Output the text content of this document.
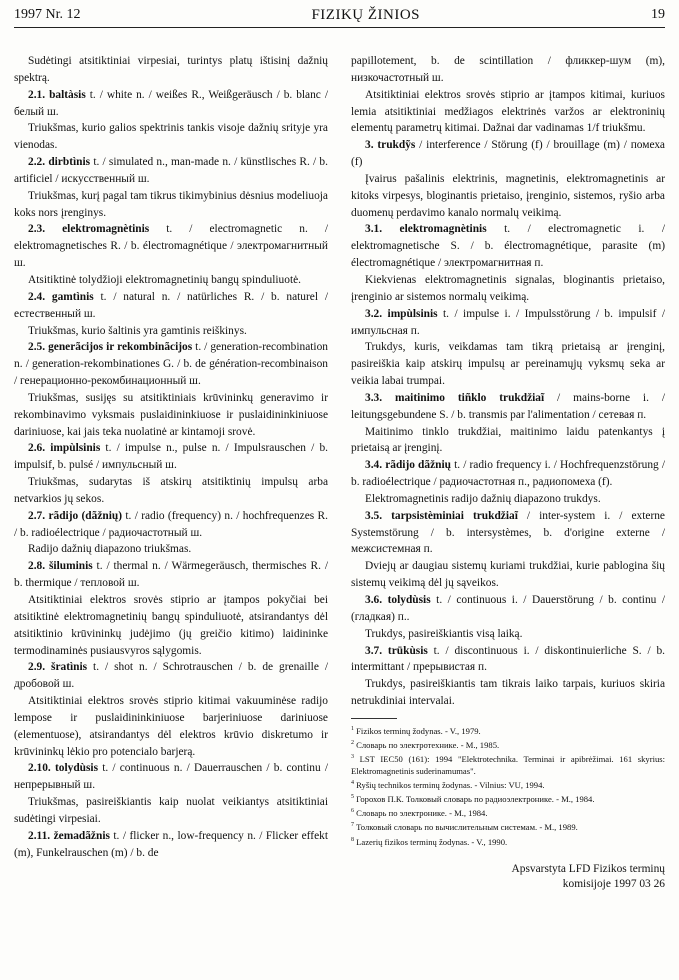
1997 Nr. 12	FIZIKŲ ŽINIOS	19

Sudėtingi atsitiktiniai virpesiai, turintys platų ištisinį dažnių spektrą.

2.1. baltàsis t. / white n. / weißes R., Weißgeräusch / b. blanc / белый ш.

Triukšmas, kurio galios spektrinis tankis visoje dažnių srityje yra vienodas.

2.2. dirbtìnis t. / simulated n., man-made n. / künstlisches R. / b. artificiel / искусственный ш.

Triukšmas, kurį pagal tam tikrus tikimybinius dėsnius modeliuoja koks nors įrenginys.

2.3. elektromagnètinis t. / electromagnetic n. / elektromagnetisches R. / b. électromagnétique / электромагнитный ш.

Atsitiktinė tolydžioji elektromagnetinių bangų spinduliuotė.

2.4. gamtìnis t. / natural n. / natürliches R. / b. naturel / естественный ш.

Triukšmas, kurio šaltinis yra gamtinis reiškinys.

2.5. generãcijos ir rekombinãcijos t. / generation-recombination n. / generation-rekombinationes G. / b. de génération-recombinaison / генерационно-рекомбинационный ш.

Triukšmas, susijęs su atsitiktiniais krūvininkų generavimo ir rekombinavimo vyksmais puslaidininkiuose ir puslaidininkiniuose dariniuose, kai jais teka nuolatinė ar kintamoji srovė.

2.6. impùlsinis t. / impulse n., pulse n. / Impulsrauschen / b. impulsif, b. pulsé / импульсный ш.

Triukšmas, sudarytas iš atskirų atsitiktinių impulsų arba netvarkios jų sekos.

2.7. rãdijo (dãžnių) t. / radio (frequency) n. / hochfrequenzes R. / b. radioélectrique / радиочастотный ш.

Radijo dažnių diapazono triukšmas.

2.8. šiluminis t. / thermal n. / Wärmegeräusch, thermisches R. / b. thermique / тепловой ш.

Atsitiktiniai elektros srovės stiprio ar įtampos pokyčiai bei atsitiktinė elektromagnetinių bangų spinduliuotė, atsirandantys dėl atsitiktinio krūvininkų judėjimo (jų greičio kitimo) laidininke termodinaminės pusiausvyros sąlygomis.

2.9. šratìnis t. / shot n. / Schrotrauschen / b. de grenaille / дробовой ш.

Atsitiktiniai elektros srovės stiprio kitimai vakuuminėse radijo lempose ir puslaidininkiniuose barjeriniuose dariniuose (elementuose), atsirandantys dėl elektros krūvio diskretumo ir krūvininkų lėkio pro potencialo barjerą.

2.10. tolydùsis t. / continuous n. / Dauerrauschen / b. continu / непрерывный ш.

Triukšmas, pasireiškiantis kaip nuolat veikiantys atsitiktiniai sudėtingi virpesiai.

2.11. žemadãžnis t. / flicker n., low-frequency n. / Flicker effekt (m), Funkelrauschen (m) / b. de

papillotement, b. de scintillation / фликкер-шум (m), низкочастотный ш.

Atsitiktiniai elektros srovės stiprio ar įtampos kitimai, kuriuos lemia atsitiktiniai medžiagos elektrinės varžos ar elektroninių elementų parametrų kitimai. Dažnai dar vadinamas 1/f triukšmu.

3. trukdỹs / interference / Störung (f) / brouillage (m) / помеха (f)

Įvairus pašalinis elektrinis, magnetinis, elektromagnetinis ar kitoks virpesys, bloginantis prietaiso, įrenginio, sistemos, ryšio arba duomenų perdavimo kanalo normalų veikimą.

3.1. elektromagnètinis t. / electromagnetic i. / elektromagnetische S. / b. électromagnétique, parasite (m) électromagnétique / электромагнитная п.

Kiekvienas elektromagnetinis signalas, bloginantis prietaiso, įrenginio ar sistemos normalų veikimą.

3.2. impùlsinis t. / impulse i. / Impulsstörung / b. impulsif / импульсная п.

Trukdys, kuris, veikdamas tam tikrą prietaisą ar įrenginį, pasireiškia kaip atskirų impulsų ar pereinamųjų vyksmų seka ar veikia labai trumpai.

3.3. maitinimo tiñklo trukdžiaĩ / mains-borne i. / leitungsgebundene S. / b. transmis par l'alimentation / сетевая п.

Maitinimo tinklo trukdžiai, maitinimo laidu patenkantys į prietaisą ar įrenginį.

3.4. rãdijo dãžnių t. / radio frequency i. / Hochfrequenzstörung / b. radioélectrique / радиочастотная п., радиопомеха (f).

Elektromagnetinis radijo dažnių diapazono trukdys.

3.5. tarpsistèminiai trukdžiaĩ / inter-system i. / externe Systemstörung / b. intersystèmes, b. d'origine externe / межсистемная п.

Dviejų ar daugiau sistemų kuriami trukdžiai, kurie pablogina šių sistemų veikimą dėl jų sąveikos.

3.6. tolydùsis t. / continuous i. / Dauerstörung / b. continu / (гладкая) п..

Trukdys, pasireiškiantis visą laiką.

3.7. trūkùsis t. / discontinuous i. / diskontinuierliche S. / b. intermittant / прерывистая п.

Trukdys, pasireiškiantis tam tikrais laiko tarpais, kuriuos skiria netrukdiniai intervalai.

$^1$ Fizikos terminų žodynas. - V., 1979.

$^2$ Словарь по электротехнике. - М., 1985.

$^3$ LST IEC50 (161): 1994 "Elektrotechnika. Terminai ir apibrėžimai. 161 skyrius: Elektromagnetinis suderinamumas".

$^4$ Ryšių technikos terminų žodynas. - Vilnius: VU, 1994.

$^5$ Горохов П.К. Толковый словарь по радиоэлектронике. - М., 1984.

$^6$ Словарь по электронике. - М., 1984.

$^7$ Толковый словарь по вычислительным системам. - М., 1989.

$^8$ Lazerių fizikos terminų žodynas. - V., 1990.

Apsvarstyta LFD Fizikos terminų
komisijoje 1997 03 26
